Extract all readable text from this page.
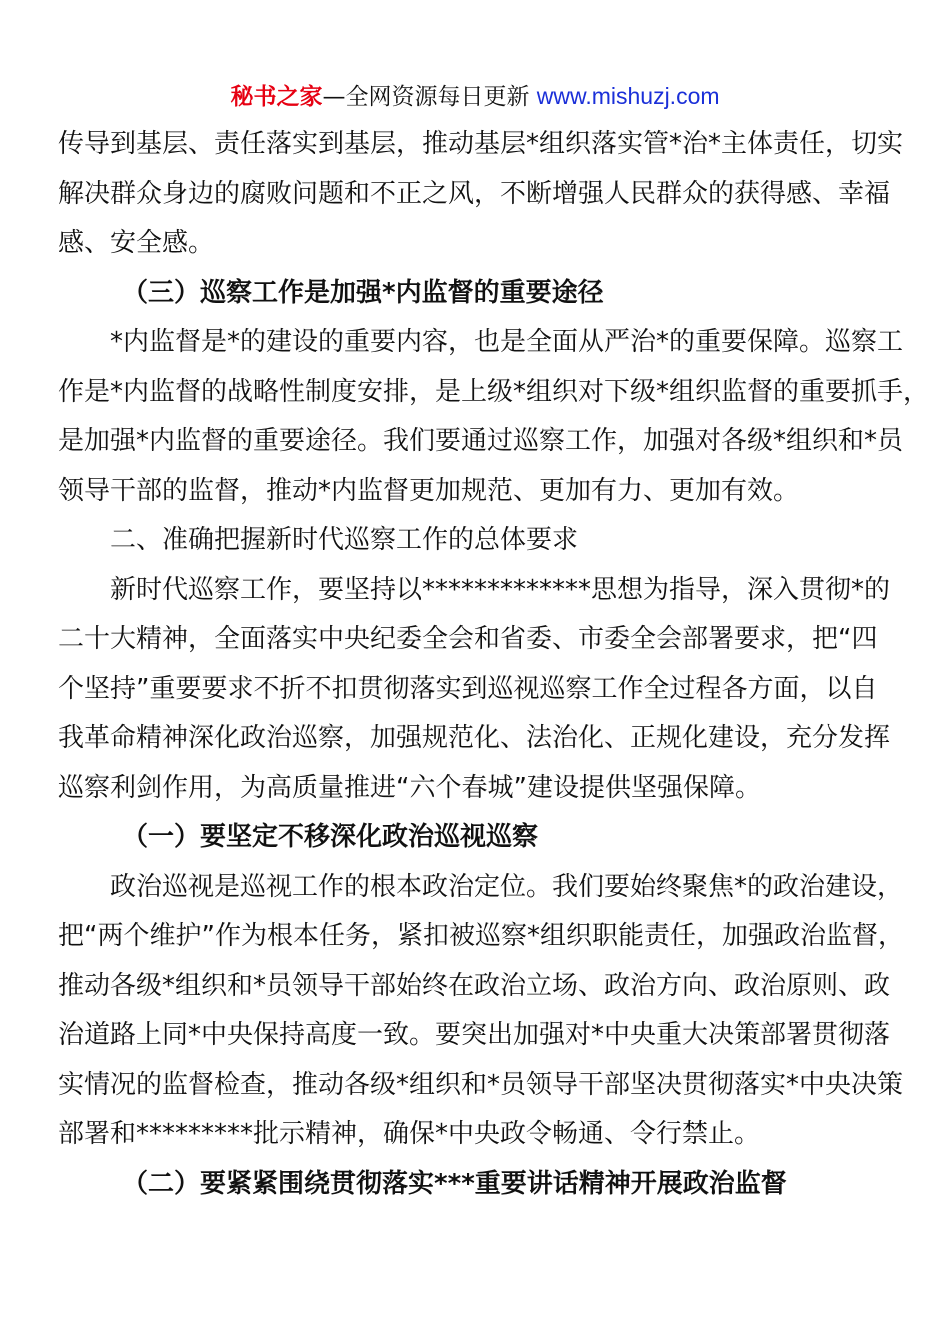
秘书之家—全网资源每日更新 www.mishuzj.com
传导到基层、责任落实到基层，推动基层*组织落实管*治*主体责任，切实
解决群众身边的腐败问题和不正之风，不断增强人民群众的获得感、幸福
感、安全感。
（三）巡察工作是加强*内监督的重要途径
*内监督是*的建设的重要内容，也是全面从严治*的重要保障。巡察工
作是*内监督的战略性制度安排，是上级*组织对下级*组织监督的重要抓手，
是加强*内监督的重要途径。我们要通过巡察工作，加强对各级*组织和*员
领导干部的监督，推动*内监督更加规范、更加有力、更加有效。
二、准确把握新时代巡察工作的总体要求
新时代巡察工作，要坚持以*************思想为指导，深入贯彻*的
二十大精神，全面落实中央纪委全会和省委、市委全会部署要求，把“四
个坚持”重要要求不折不扣贯彻落实到巡视巡察工作全过程各方面，以自
我革命精神深化政治巡察，加强规范化、法治化、正规化建设，充分发挥
巡察利剑作用，为高质量推进“六个春城”建设提供坚强保障。
（一）要坚定不移深化政治巡视巡察
政治巡视是巡视工作的根本政治定位。我们要始终聚焦*的政治建设，
把“两个维护”作为根本任务，紧扣被巡察*组织职能责任，加强政治监督，
推动各级*组织和*员领导干部始终在政治立场、政治方向、政治原则、政
治道路上同*中央保持高度一致。要突出加强对*中央重大决策部署贯彻落
实情况的监督检查，推动各级*组织和*员领导干部坚决贯彻落实*中央决策
部署和*********批示精神，确保*中央政令畅通、令行禁止。
（二）要紧紧围绕贯彻落实***重要讲话精神开展政治监督
